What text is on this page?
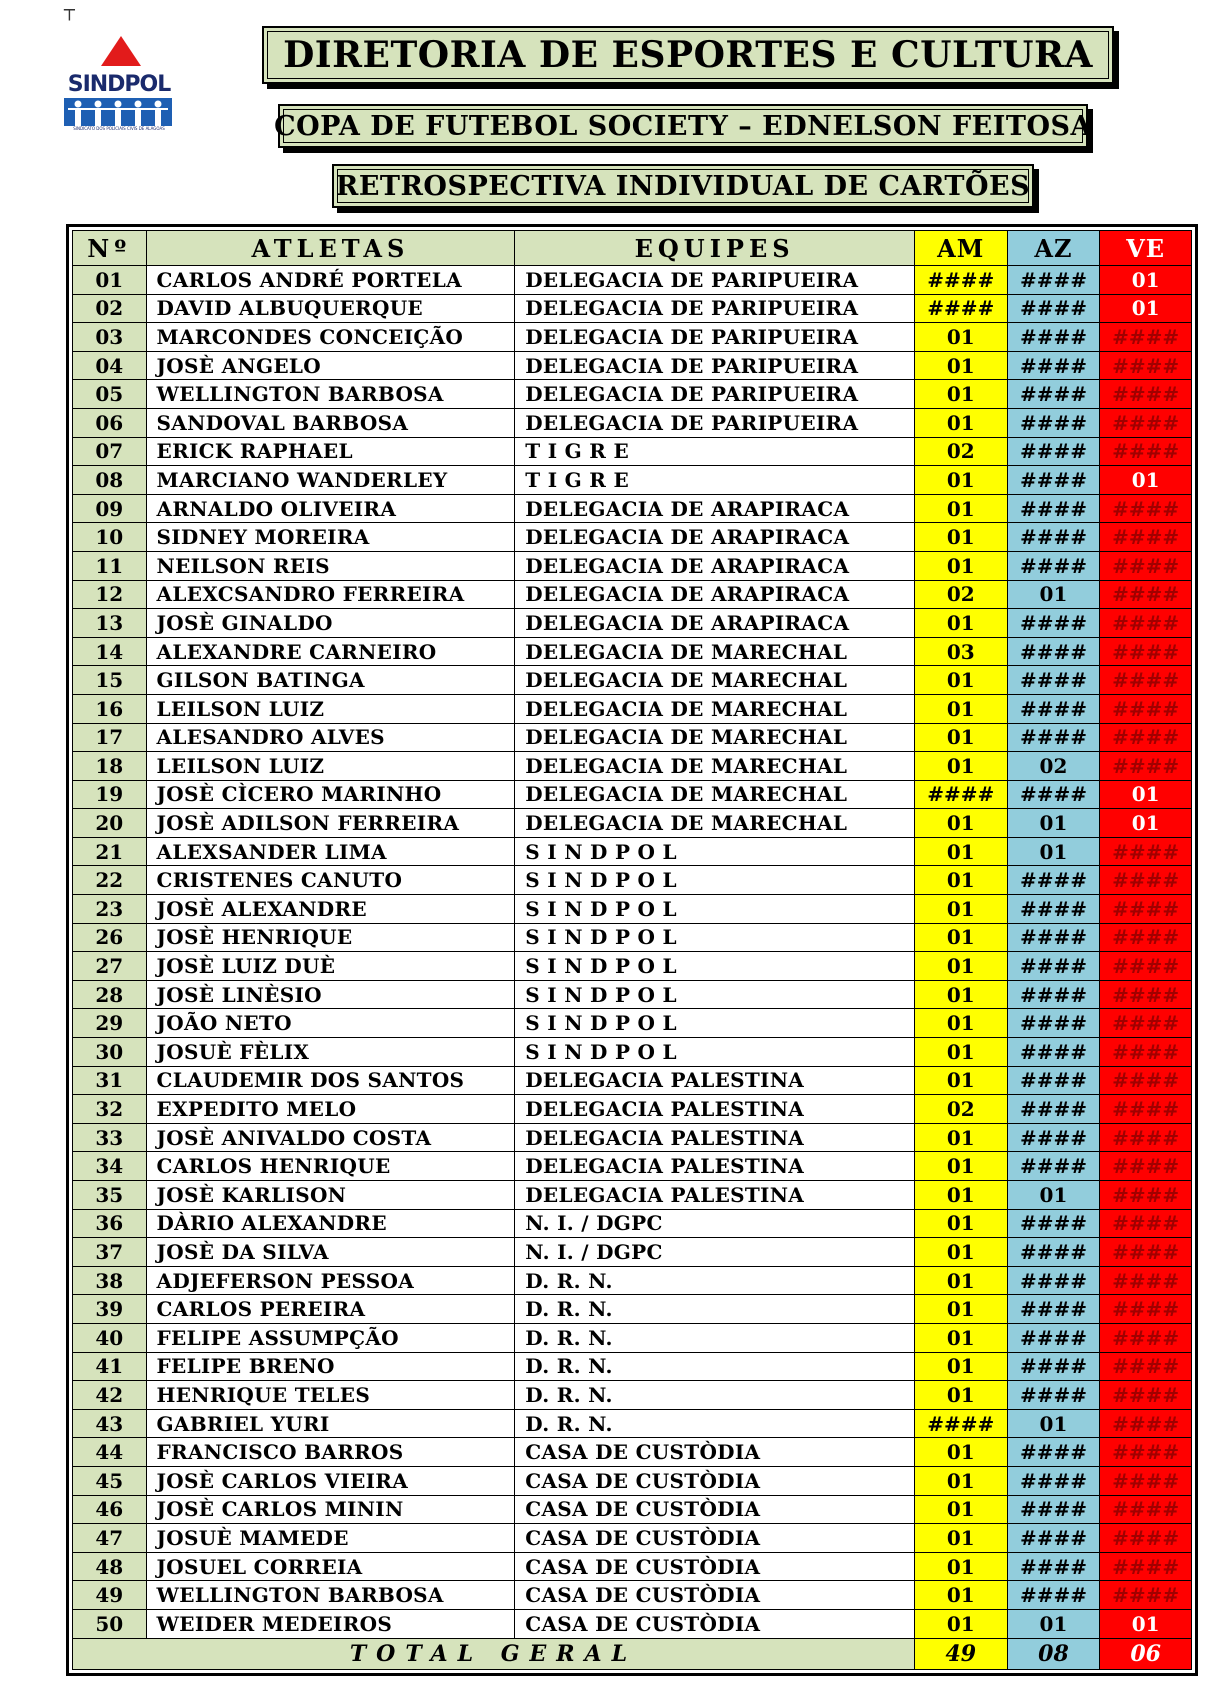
┬
SINDPOL
SINDICATO DOS POLICIAIS CIVIS DE ALAGOAS
DIRETORIA DE ESPORTES E CULTURA
COPA DE FUTEBOL SOCIETY – EDNELSON FEITOSA
RETROSPECTIVA INDIVIDUAL DE CARTÕES
Nº	ATLETAS	EQUIPES	AM	AZ	VE
01	CARLOS ANDRÉ PORTELA	DELEGACIA DE PARIPUEIRA	####	####	01
02	DAVID ALBUQUERQUE	DELEGACIA DE PARIPUEIRA	####	####	01
03	MARCONDES CONCEIÇÃO	DELEGACIA DE PARIPUEIRA	01	####	####
04	JOSÈ ANGELO	DELEGACIA DE PARIPUEIRA	01	####	####
05	WELLINGTON BARBOSA	DELEGACIA DE PARIPUEIRA	01	####	####
06	SANDOVAL BARBOSA	DELEGACIA DE PARIPUEIRA	01	####	####
07	ERICK RAPHAEL	T I G R E	02	####	####
08	MARCIANO WANDERLEY	T I G R E	01	####	01
09	ARNALDO OLIVEIRA	DELEGACIA DE ARAPIRACA	01	####	####
10	SIDNEY MOREIRA	DELEGACIA DE ARAPIRACA	01	####	####
11	NEILSON REIS	DELEGACIA DE ARAPIRACA	01	####	####
12	ALEXCSANDRO FERREIRA	DELEGACIA DE ARAPIRACA	02	01	####
13	JOSÈ GINALDO	DELEGACIA DE ARAPIRACA	01	####	####
14	ALEXANDRE CARNEIRO	DELEGACIA DE MARECHAL	03	####	####
15	GILSON BATINGA	DELEGACIA DE MARECHAL	01	####	####
16	LEILSON LUIZ	DELEGACIA DE MARECHAL	01	####	####
17	ALESANDRO ALVES	DELEGACIA DE MARECHAL	01	####	####
18	LEILSON LUIZ	DELEGACIA DE MARECHAL	01	02	####
19	JOSÈ CÌCERO MARINHO	DELEGACIA DE MARECHAL	####	####	01
20	JOSÈ ADILSON FERREIRA	DELEGACIA DE MARECHAL	01	01	01
21	ALEXSANDER LIMA	S I N D P O L	01	01	####
22	CRISTENES CANUTO	S I N D P O L	01	####	####
23	JOSÈ ALEXANDRE	S I N D P O L	01	####	####
26	JOSÈ HENRIQUE	S I N D P O L	01	####	####
27	JOSÈ LUIZ DUÈ	S I N D P O L	01	####	####
28	JOSÈ LINÈSIO	S I N D P O L	01	####	####
29	JOÃO NETO	S I N D P O L	01	####	####
30	JOSUÈ FÈLIX	S I N D P O L	01	####	####
31	CLAUDEMIR DOS SANTOS	DELEGACIA PALESTINA	01	####	####
32	EXPEDITO MELO	DELEGACIA PALESTINA	02	####	####
33	JOSÈ ANIVALDO COSTA	DELEGACIA PALESTINA	01	####	####
34	CARLOS HENRIQUE	DELEGACIA PALESTINA	01	####	####
35	JOSÈ KARLISON	DELEGACIA PALESTINA	01	01	####
36	DÀRIO ALEXANDRE	N. I. / DGPC	01	####	####
37	JOSÈ DA SILVA	N. I. / DGPC	01	####	####
38	ADJEFERSON PESSOA	D. R. N.	01	####	####
39	CARLOS PEREIRA	D. R. N.	01	####	####
40	FELIPE ASSUMPÇÃO	D. R. N.	01	####	####
41	FELIPE BRENO	D. R. N.	01	####	####
42	HENRIQUE TELES	D. R. N.	01	####	####
43	GABRIEL YURI	D. R. N.	####	01	####
44	FRANCISCO BARROS	CASA DE CUSTÒDIA	01	####	####
45	JOSÈ CARLOS VIEIRA	CASA DE CUSTÒDIA	01	####	####
46	JOSÈ CARLOS MININ	CASA DE CUSTÒDIA	01	####	####
47	JOSUÈ MAMEDE	CASA DE CUSTÒDIA	01	####	####
48	JOSUEL CORREIA	CASA DE CUSTÒDIA	01	####	####
49	WELLINGTON BARBOSA	CASA DE CUSTÒDIA	01	####	####
50	WEIDER MEDEIROS	CASA DE CUSTÒDIA	01	01	01
TOTAL GERAL			49	08	06
